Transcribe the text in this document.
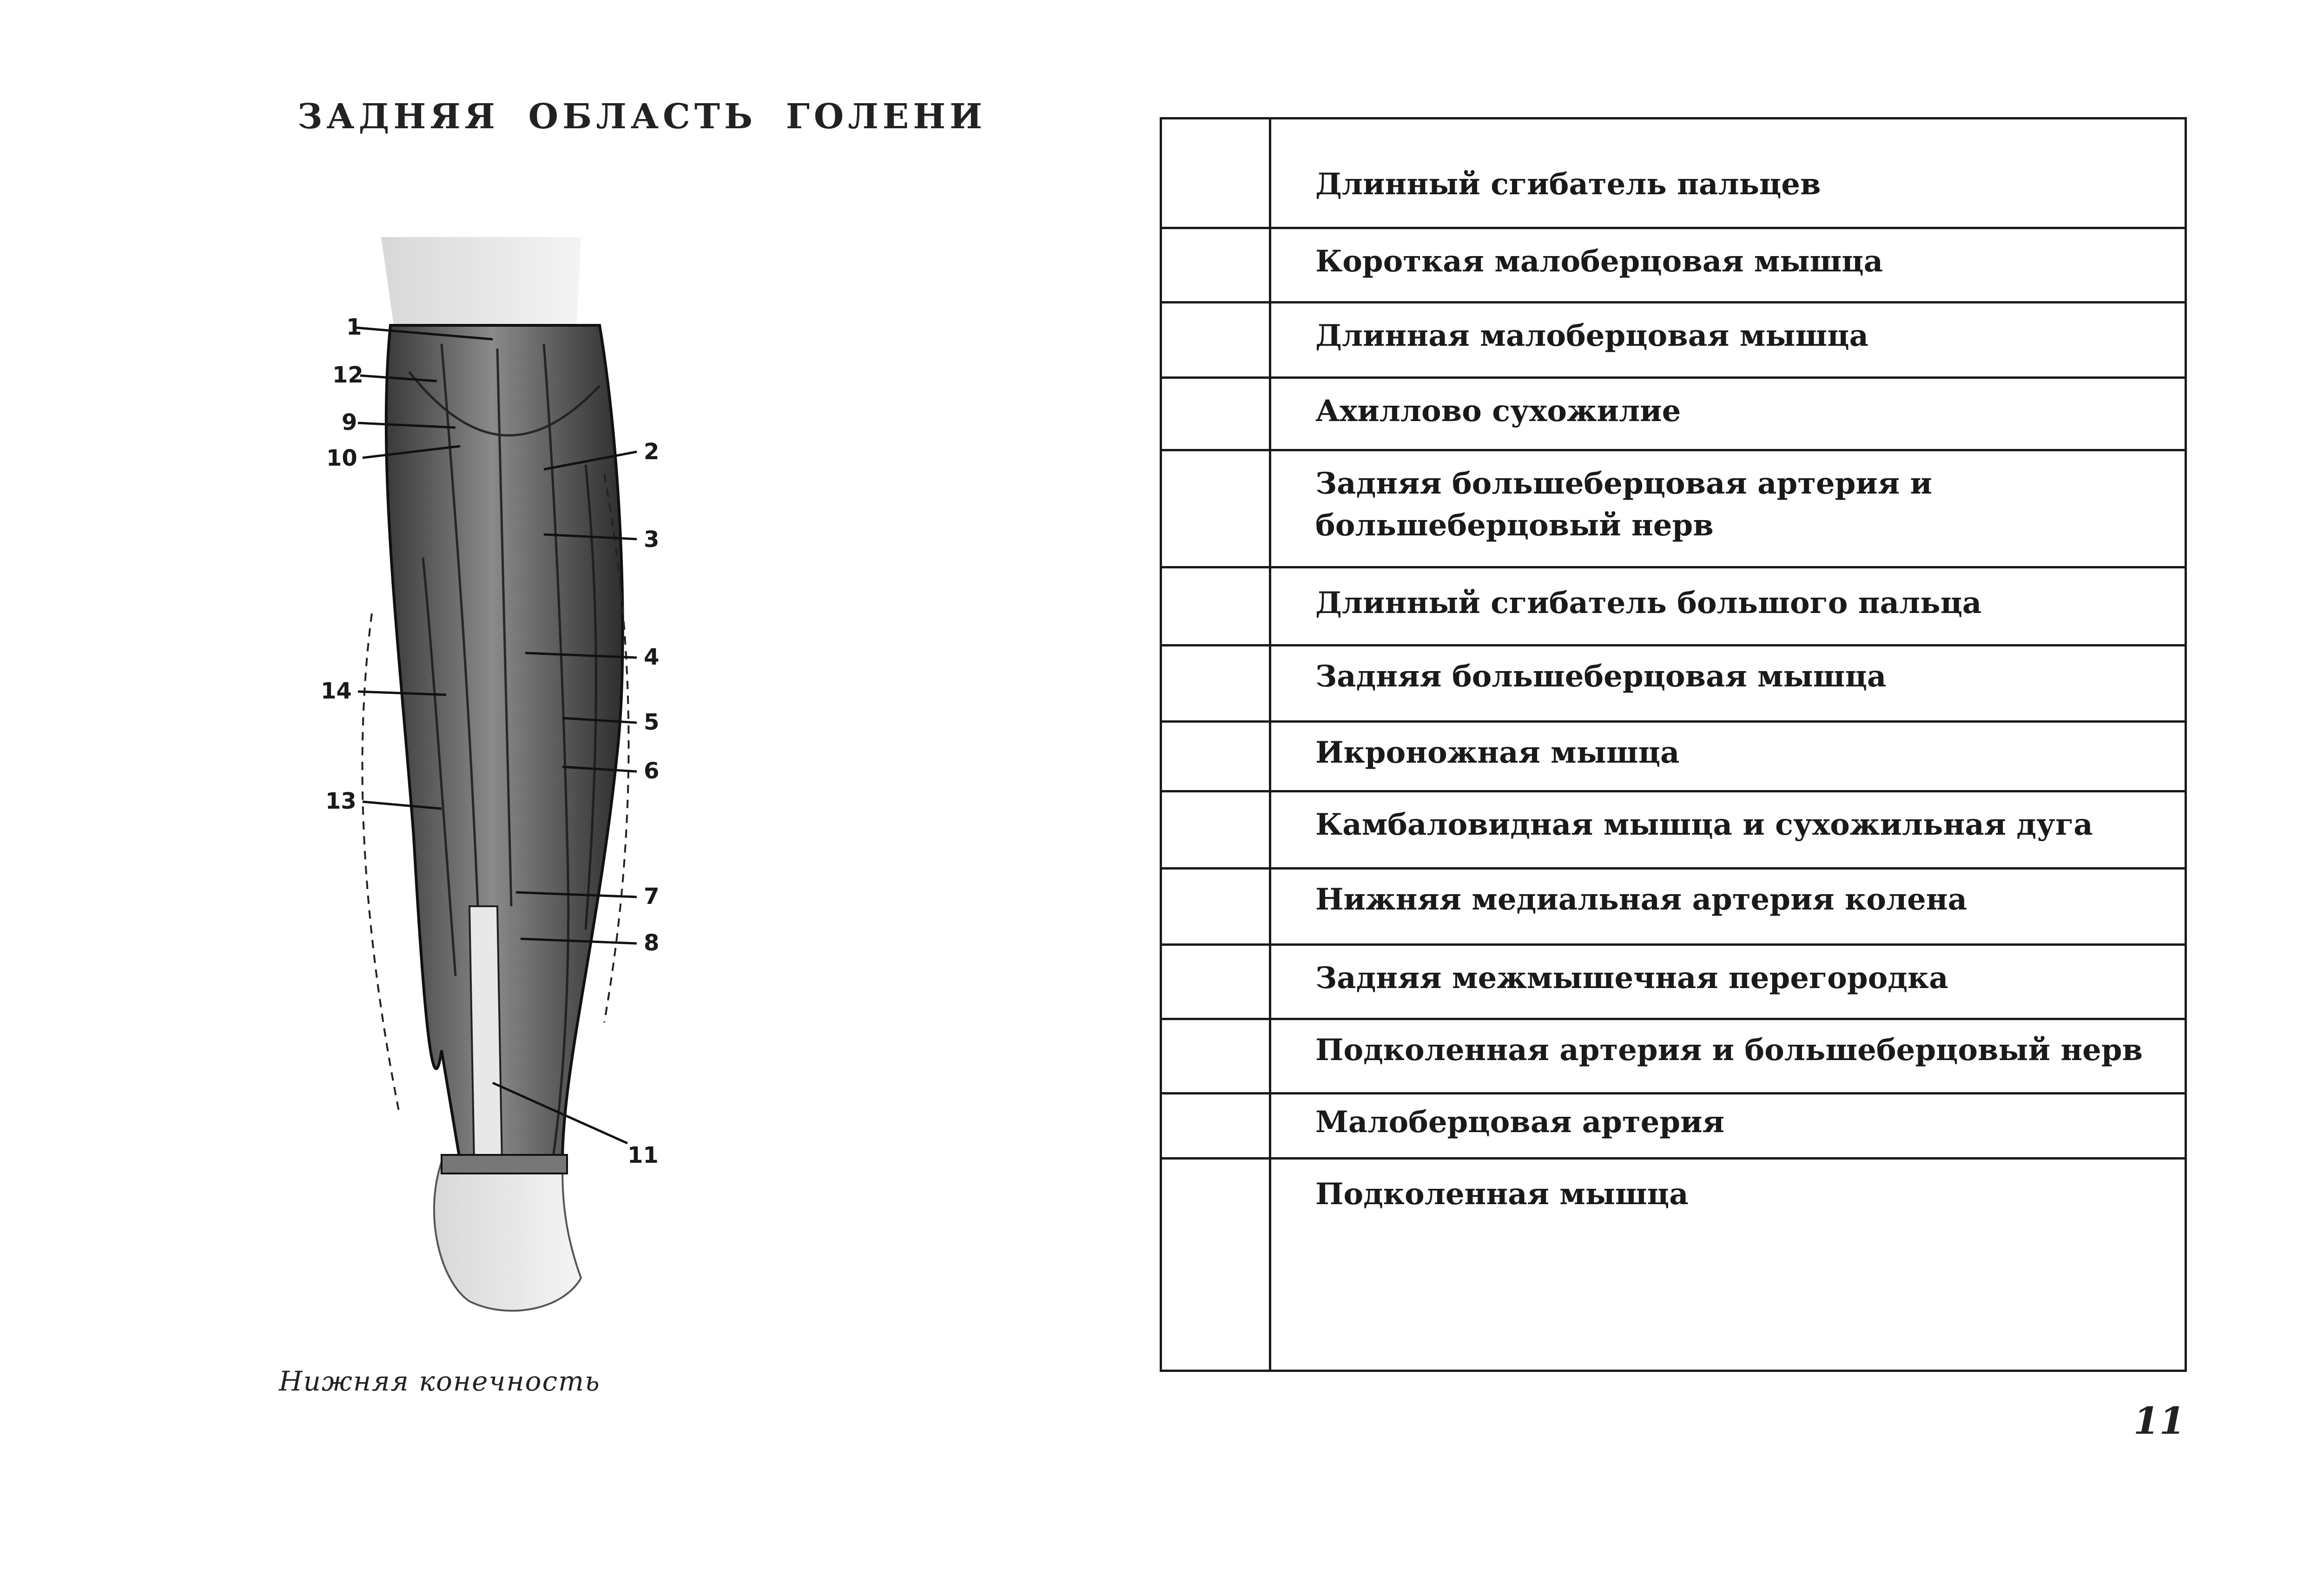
ЗАДНЯЯ ОБЛАСТЬ ГОЛЕНИ
1
12
9
10	2
3
4
14
5
6
13
7
8
11
Нижняя конечность
Длинный сгибатель пальцев
Короткая малоберцовая мышца
Длинная малоберцовая мышца
Ахиллово сухожилие
Задняя большеберцовая артерия и
большеберцовый нерв
Длинный сгибатель большого пальца
Задняя большеберцовая мышца
Икроножная мышца
Камбаловидная мышца и сухожильная дуга
Нижняя медиальная артерия колена
Задняя межмышечная перегородка
Подколенная артерия и большеберцовый нерв
Малоберцовая артерия
Подколенная мышца
11
